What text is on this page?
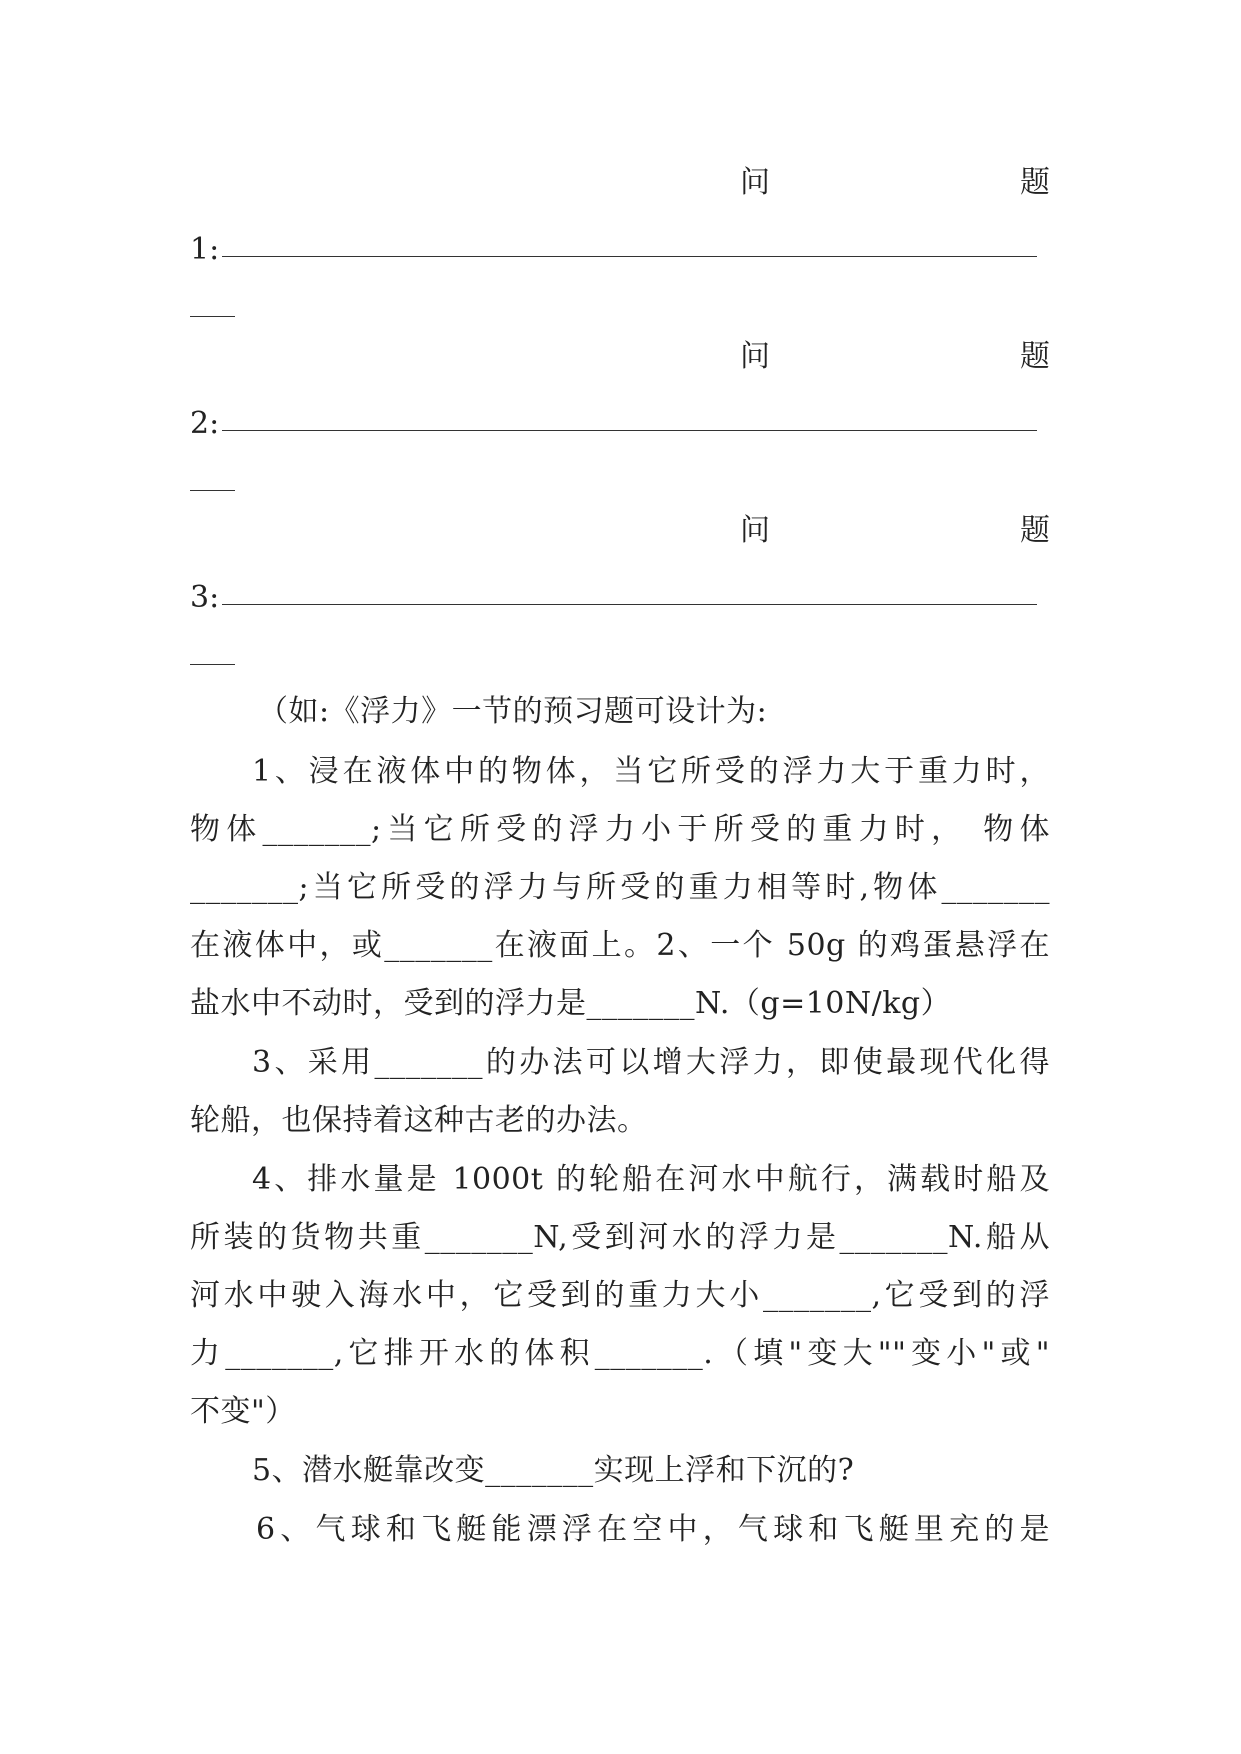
问	题
1:
问	题
2:
问	题
3:
（如:《浮力》一节的预习题可设计为:
1、浸在液体中的物体，当它所受的浮力大于重力时，
物体_______;当它所受的浮力小于所受的重力时， 物体
_______;当它所受的浮力与所受的重力相等时,物体_______
在液体中，或_______在液面上。2、一个 50g 的鸡蛋悬浮在
盐水中不动时，受到的浮力是_______N.（g=10N/kg）
3、采用_______的办法可以增大浮力，即使最现代化得
轮船，也保持着这种古老的办法。
4、排水量是 1000t 的轮船在河水中航行，满载时船及
所装的货物共重_______N,受到河水的浮力是_______N.船从
河水中驶入海水中，它受到的重力大小_______,它受到的浮
力_______,它排开水的体积_______.（填"变大""变小"或"
不变"）
5、潜水艇靠改变_______实现上浮和下沉的?
6、气球和飞艇能漂浮在空中，气球和飞艇里充的是
